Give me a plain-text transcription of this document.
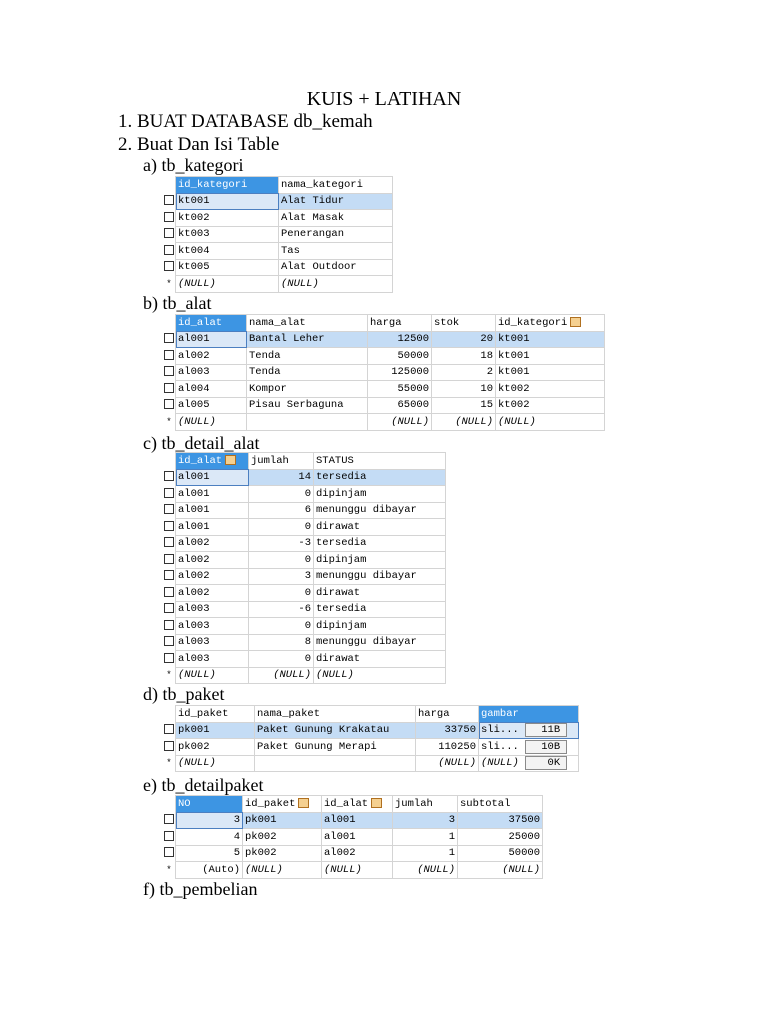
KUIS + LATIHAN
1. BUAT DATABASE db_kemah
2. Buat Dan Isi Table
a) tb_kategori
b) tb_alat
c) tb_detail_alat
d) tb_paket
e) tb_detailpaket
f) tb_pembelian
	id_kategori	nama_kategori
	kt001	Alat Tidur
	kt002	Alat Masak
	kt003	Penerangan
	kt004	Tas
	kt005	Alat Outdoor
*	(NULL)	(NULL)
	id_alat	nama_alat	harga	stok	id_kategori
	al001	Bantal Leher	12500	20	kt001
	al002	Tenda	50000	18	kt001
	al003	Tenda	125000	2	kt001
	al004	Kompor	55000	10	kt002
	al005	Pisau Serbaguna	65000	15	kt002
*	(NULL)		(NULL)	(NULL)	(NULL)
	id_alat	jumlah	STATUS
	al001	14	tersedia
	al001	0	dipinjam
	al001	6	menunggu dibayar
	al001	0	dirawat
	al002	-3	tersedia
	al002	0	dipinjam
	al002	3	menunggu dibayar
	al002	0	dirawat
	al003	-6	tersedia
	al003	0	dipinjam
	al003	8	menunggu dibayar
	al003	0	dirawat
*	(NULL)	(NULL)	(NULL)
	id_paket	nama_paket	harga	gambar
	pk001	Paket Gunung Krakatau	33750	sli... 11B
	pk002	Paket Gunung Merapi	110250	sli... 10B
*	(NULL)		(NULL)	(NULL) 0K
	NO	id_paket	id_alat	jumlah	subtotal
	3	pk001	al001	3	37500
	4	pk002	al001	1	25000
	5	pk002	al002	1	50000
*	(Auto)	(NULL)	(NULL)	(NULL)	(NULL)
